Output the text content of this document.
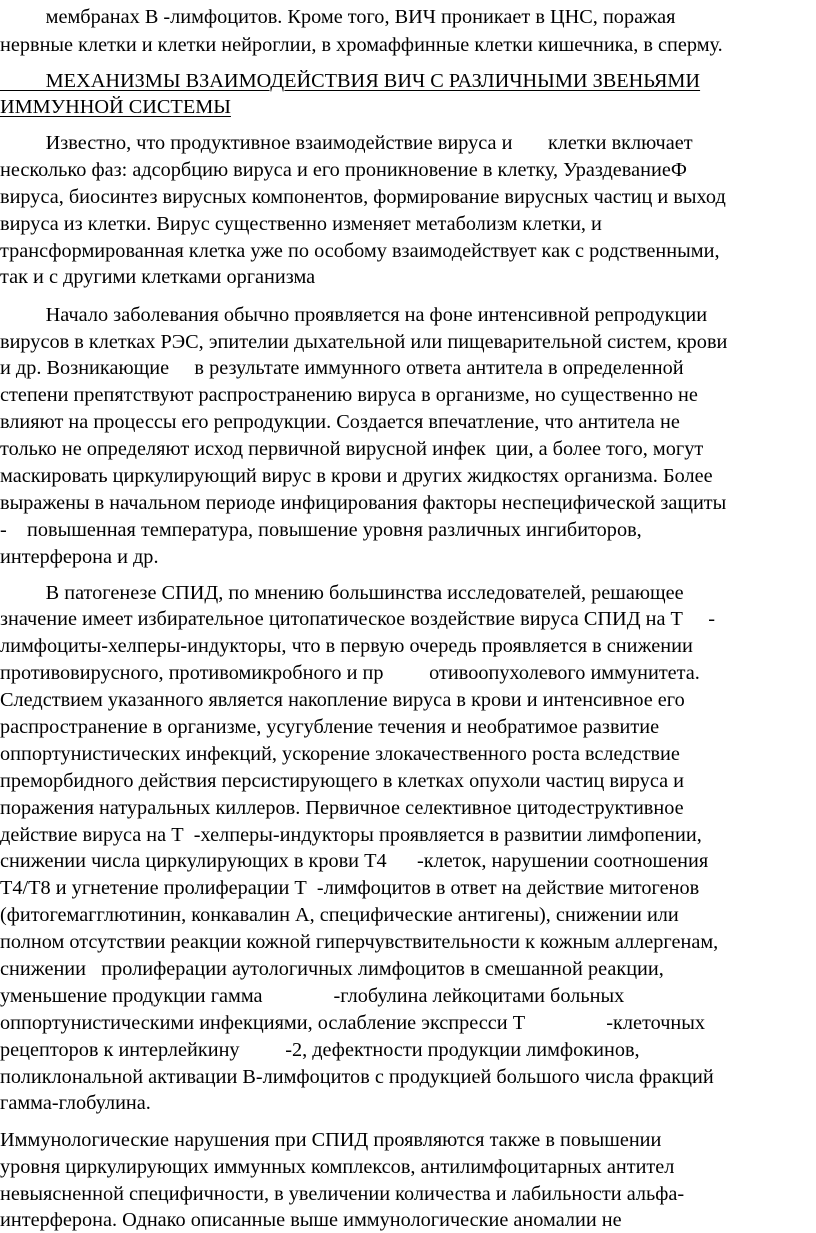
мембранах В -лимфоцитов. Кроме того, ВИЧ проникает в ЦНС, поражая
нервные клетки и клетки нейроглии, в хромаффинные клетки кишечника, в сперму.
МЕХАНИЗМЫ ВЗАИМОДЕЙСТВИЯ ВИЧ С РАЗЛИЧНЫМИ ЗВЕНЬЯМИ
ИММУННОЙ СИСТЕМЫ
Известно, что продуктивное взаимодействие вируса и       клетки включает
несколько фаз: адсорбцию вируса и его проникновение в клетку, УраздеваниеФ
вируса, биосинтез вирусных компонентов, формирование вирусных частиц и выход
вируса из клетки. Вирус существенно изменяет метаболизм клетки, и
трансформированная клетка уже по особому взаимодействует как с родственными,
так и с другими клетками организма
Начало заболевания обычно проявляется на фоне интенсивной репродукции
вирусов в клетках РЭС, эпителии дыхательной или пищеварительной систем, крови
и др. Возникающие     в результате иммунного ответа антитела в определенной
степени препятствуют распространению вируса в организме, но существенно не
влияют на процессы его репродукции. Создается впечатление, что антитела не
только не определяют исход первичной вирусной инфек  ции, а более того, могут
маскировать циркулирующий вирус в крови и других жидкостях организма. Более
выражены в начальном периоде инфицирования факторы неспецифической защиты
-    повышенная температура, повышение уровня различных ингибиторов,
интерферона и др.
В патогенезе СПИД, по мнению большинства исследователей, решающее
значение имеет избирательное цитопатическое воздействие вируса СПИД на Т     -
лимфоциты-хелперы-индукторы, что в первую очередь проявляется в снижении
противовирусного, противомикробного и пр         отивоопухолевого иммунитета.
Следствием указанного является накопление вируса в крови и интенсивное его
распространение в организме, усугубление течения и необратимое развитие
оппортунистических инфекций, ускорение злокачественного роста вследствие
преморбидного действия персистирующего в клетках опухоли частиц вируса и
поражения натуральных киллеров. Первичное селективное цитодеструктивное
действие вируса на Т  -хелперы-индукторы проявляется в развитии лимфопении,
снижении числа циркулирующих в крови Т4      -клеток, нарушении соотношения
Т4/Т8 и угнетение пролиферации Т  -лимфоцитов в ответ на действие митогенов
(фитогемагглютинин, конкавалин А, специфические антигены), снижении или
полном отсутствии реакции кожной гиперчувствительности к кожным аллергенам,
снижении   пролиферации аутологичных лимфоцитов в смешанной реакции,
уменьшение продукции гамма              -глобулина лейкоцитами больных
оппортунистическими инфекциями, ослабление экспресси Т                -клеточных
рецепторов к интерлейкину         -2, дефектности продукции лимфокинов,
поликлональной активации В-лимфоцитов с продукцией большого числа фракций
гамма-глобулина.
Иммунологические нарушения при СПИД проявляются также в повышении
уровня циркулирующих иммунных комплексов, антилимфоцитарных антител
невыясненной специфичности, в увеличении количества и лабильности альфа-
интерферона. Однако описанные выше иммунологические аномалии не
